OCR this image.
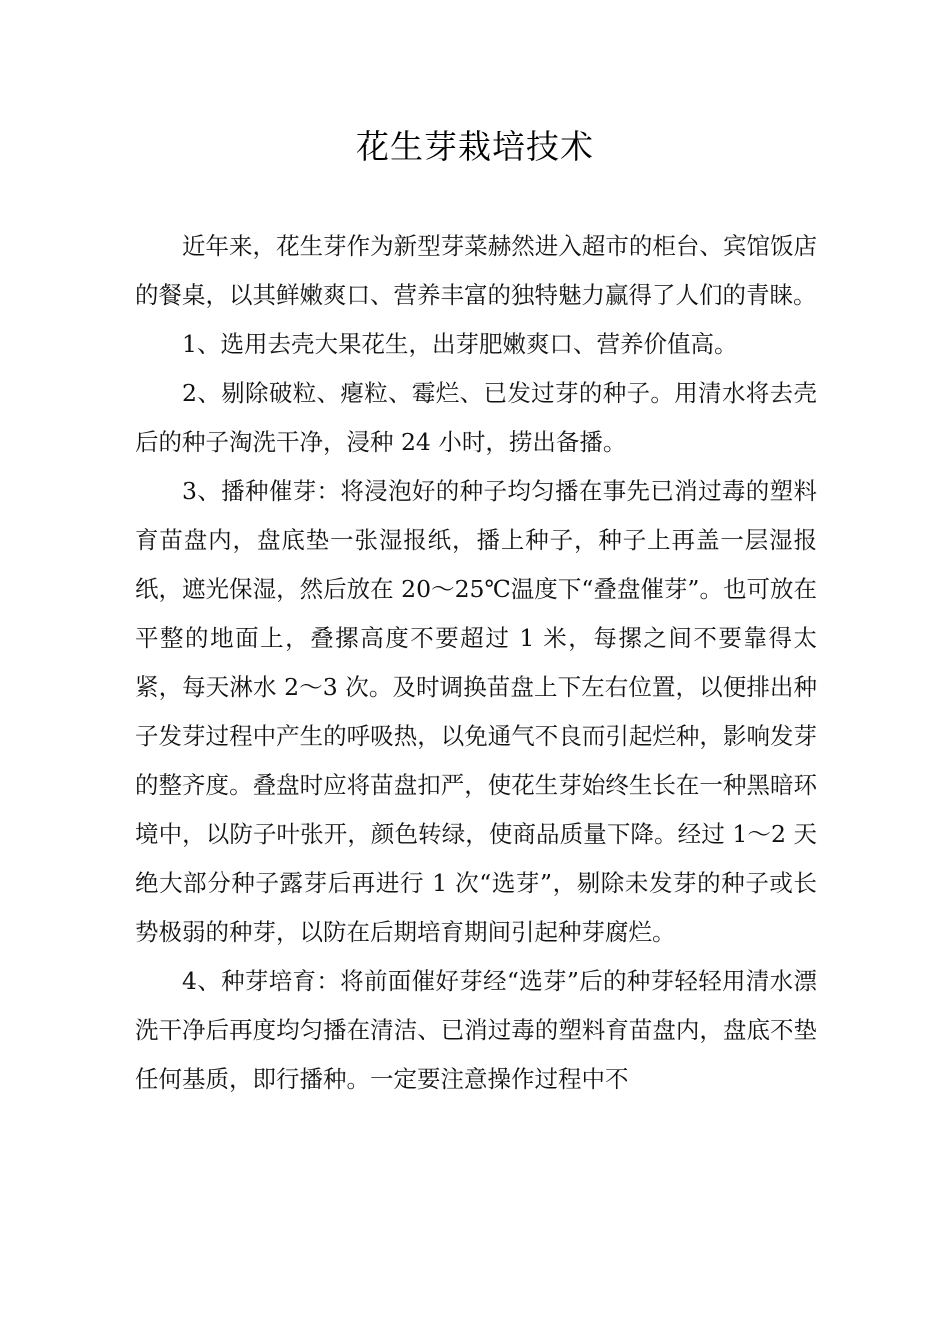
花生芽栽培技术

近年来，花生芽作为新型芽菜赫然进入超市的柜台、宾馆饭店的餐桌，以其鲜嫩爽口、营养丰富的独特魅力赢得了人们的青睐。

1、选用去壳大果花生，出芽肥嫩爽口、营养价值高。

2、剔除破粒、瘪粒、霉烂、已发过芽的种子。用清水将去壳后的种子淘洗干净，浸种 24 小时，捞出备播。

3、播种催芽：将浸泡好的种子均匀播在事先已消过毒的塑料育苗盘内，盘底垫一张湿报纸，播上种子，种子上再盖一层湿报纸，遮光保湿，然后放在 20～25℃温度下“叠盘催芽”。也可放在平整的地面上，叠摞高度不要超过 1 米，每摞之间不要靠得太紧，每天淋水 2～3 次。及时调换苗盘上下左右位置，以便排出种子发芽过程中产生的呼吸热，以免通气不良而引起烂种，影响发芽的整齐度。叠盘时应将苗盘扣严，使花生芽始终生长在一种黑暗环境中，以防子叶张开，颜色转绿，使商品质量下降。经过 1～2 天绝大部分种子露芽后再进行 1 次“选芽”，剔除未发芽的种子或长势极弱的种芽，以防在后期培育期间引起种芽腐烂。

4、种芽培育：将前面催好芽经“选芽”后的种芽轻轻用清水漂洗干净后再度均匀播在清洁、已消过毒的塑料育苗盘内，盘底不垫任何基质，即行播种。一定要注意操作过程中不
